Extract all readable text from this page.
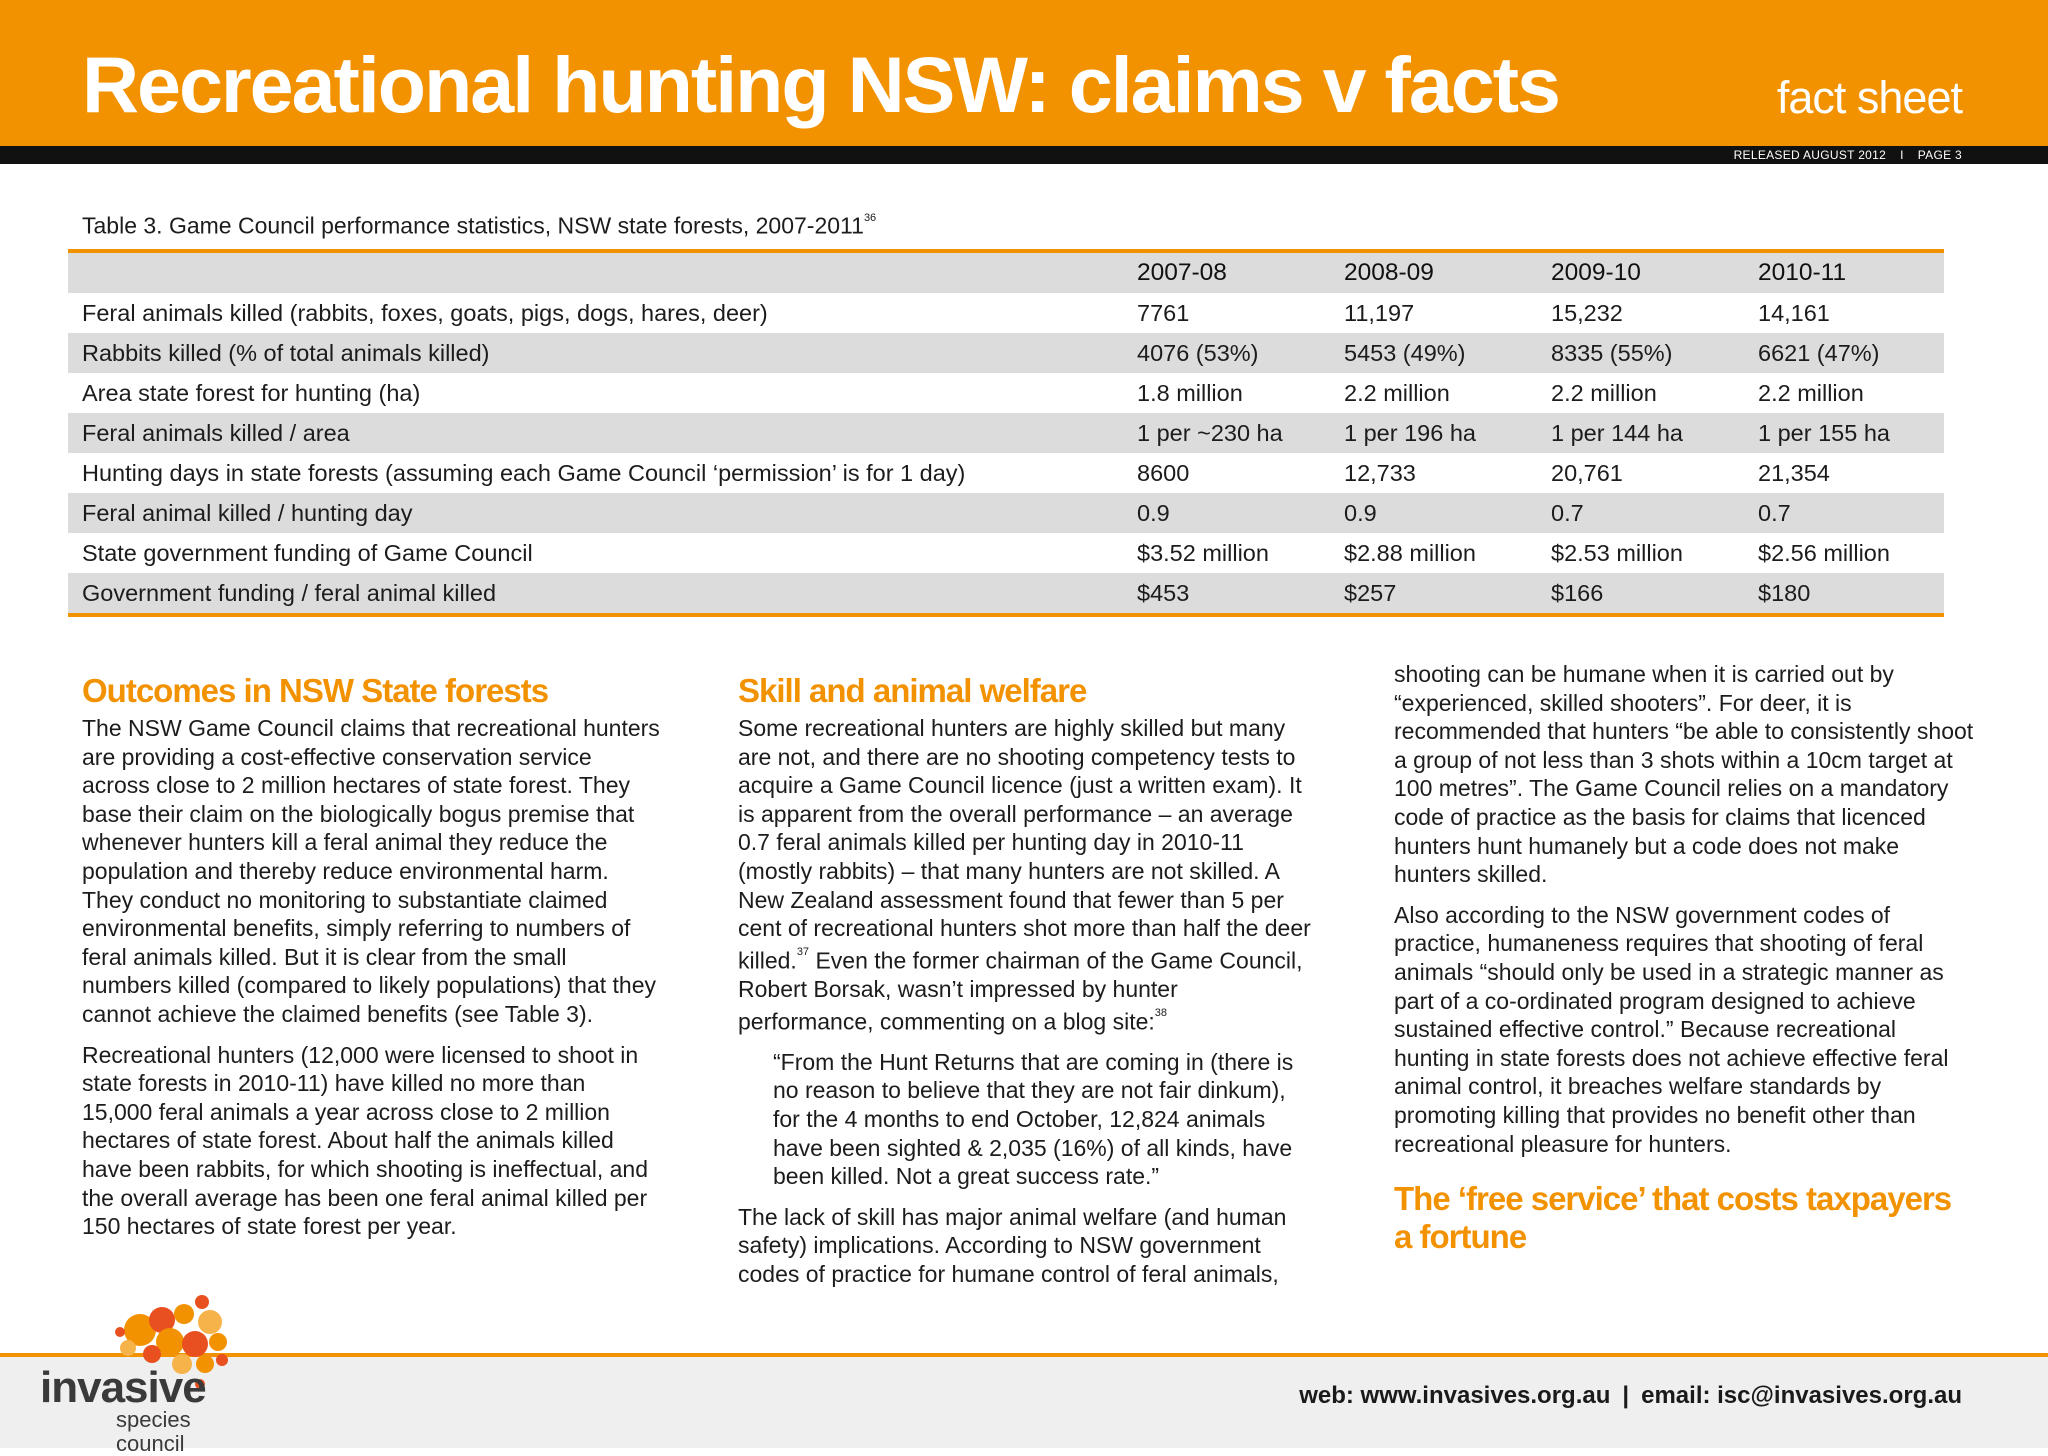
Recreational hunting NSW: claims v facts	fact sheet
RELEASED AUGUST 2012 I PAGE 3
Table 3. Game Council performance statistics, NSW state forests, 2007-2011$^{36}$
	2007-08	2008-09	2009-10	2010-11
Feral animals killed (rabbits, foxes, goats, pigs, dogs, hares, deer)	7761	11,197	15,232	14,161
Rabbits killed (% of total animals killed)	4076 (53%)	5453 (49%)	8335 (55%)	6621 (47%)
Area state forest for hunting (ha)	1.8 million	2.2 million	2.2 million	2.2 million
Feral animals killed / area	1 per ~230 ha	1 per 196 ha	1 per 144 ha	1 per 155 ha
Hunting days in state forests (assuming each Game Council ‘permission’ is for 1 day)	8600	12,733	20,761	21,354
Feral animal killed / hunting day	0.9	0.9	0.7	0.7
State government funding of Game Council	$3.52 million	$2.88 million	$2.53 million	$2.56 million
Government funding / feral animal killed	$453	$257	$166	$180
Outcomes in NSW State forests

The NSW Game Council claims that recreational hunters are providing a cost-effective conservation service across close to 2 million hectares of state forest. They base their claim on the biologically bogus premise that whenever hunters kill a feral animal they reduce the population and thereby reduce environmental harm. They conduct no monitoring to substantiate claimed environmental benefits, simply referring to numbers of feral animals killed. But it is clear from the small numbers killed (compared to likely populations) that they cannot achieve the claimed benefits (see Table 3).

Recreational hunters (12,000 were licensed to shoot in state forests in 2010-11) have killed no more than 15,000 feral animals a year across close to 2 million hectares of state forest. About half the animals killed have been rabbits, for which shooting is ineffectual, and the overall average has been one feral animal killed per 150 hectares of state forest per year.

Skill and animal welfare

Some recreational hunters are highly skilled but many are not, and there are no shooting competency tests to acquire a Game Council licence (just a written exam). It is apparent from the overall performance – an average 0.7 feral animals killed per hunting day in 2010-11 (mostly rabbits) – that many hunters are not skilled. A New Zealand assessment found that fewer than 5 per cent of recreational hunters shot more than half the deer killed.$^{37}$ Even the former chairman of the Game Council, Robert Borsak, wasn’t impressed by hunter performance, commenting on a blog site:$^{38}$

“From the Hunt Returns that are coming in (there is no reason to believe that they are not fair dinkum), for the 4 months to end October, 12,824 animals have been sighted & 2,035 (16%) of all kinds, have been killed. Not a great success rate.”

The lack of skill has major animal welfare (and human safety) implications. According to NSW government codes of practice for humane control of feral animals,

shooting can be humane when it is carried out by “experienced, skilled shooters”. For deer, it is recommended that hunters “be able to consistently shoot a group of not less than 3 shots within a 10cm target at 100 metres”. The Game Council relies on a mandatory code of practice as the basis for claims that licenced hunters hunt humanely but a code does not make hunters skilled.

Also according to the NSW government codes of practice, humaneness requires that shooting of feral animals “should only be used in a strategic manner as part of a co-ordinated program designed to achieve sustained effective control.” Because recreational hunting in state forests does not achieve effective feral animal control, it breaches welfare standards by promoting killing that provides no benefit other than recreational pleasure for hunters.

The ‘free service’ that costs taxpayers a fortune
invasive
species council
web: www.invasives.org.au | email: isc@invasives.org.au
